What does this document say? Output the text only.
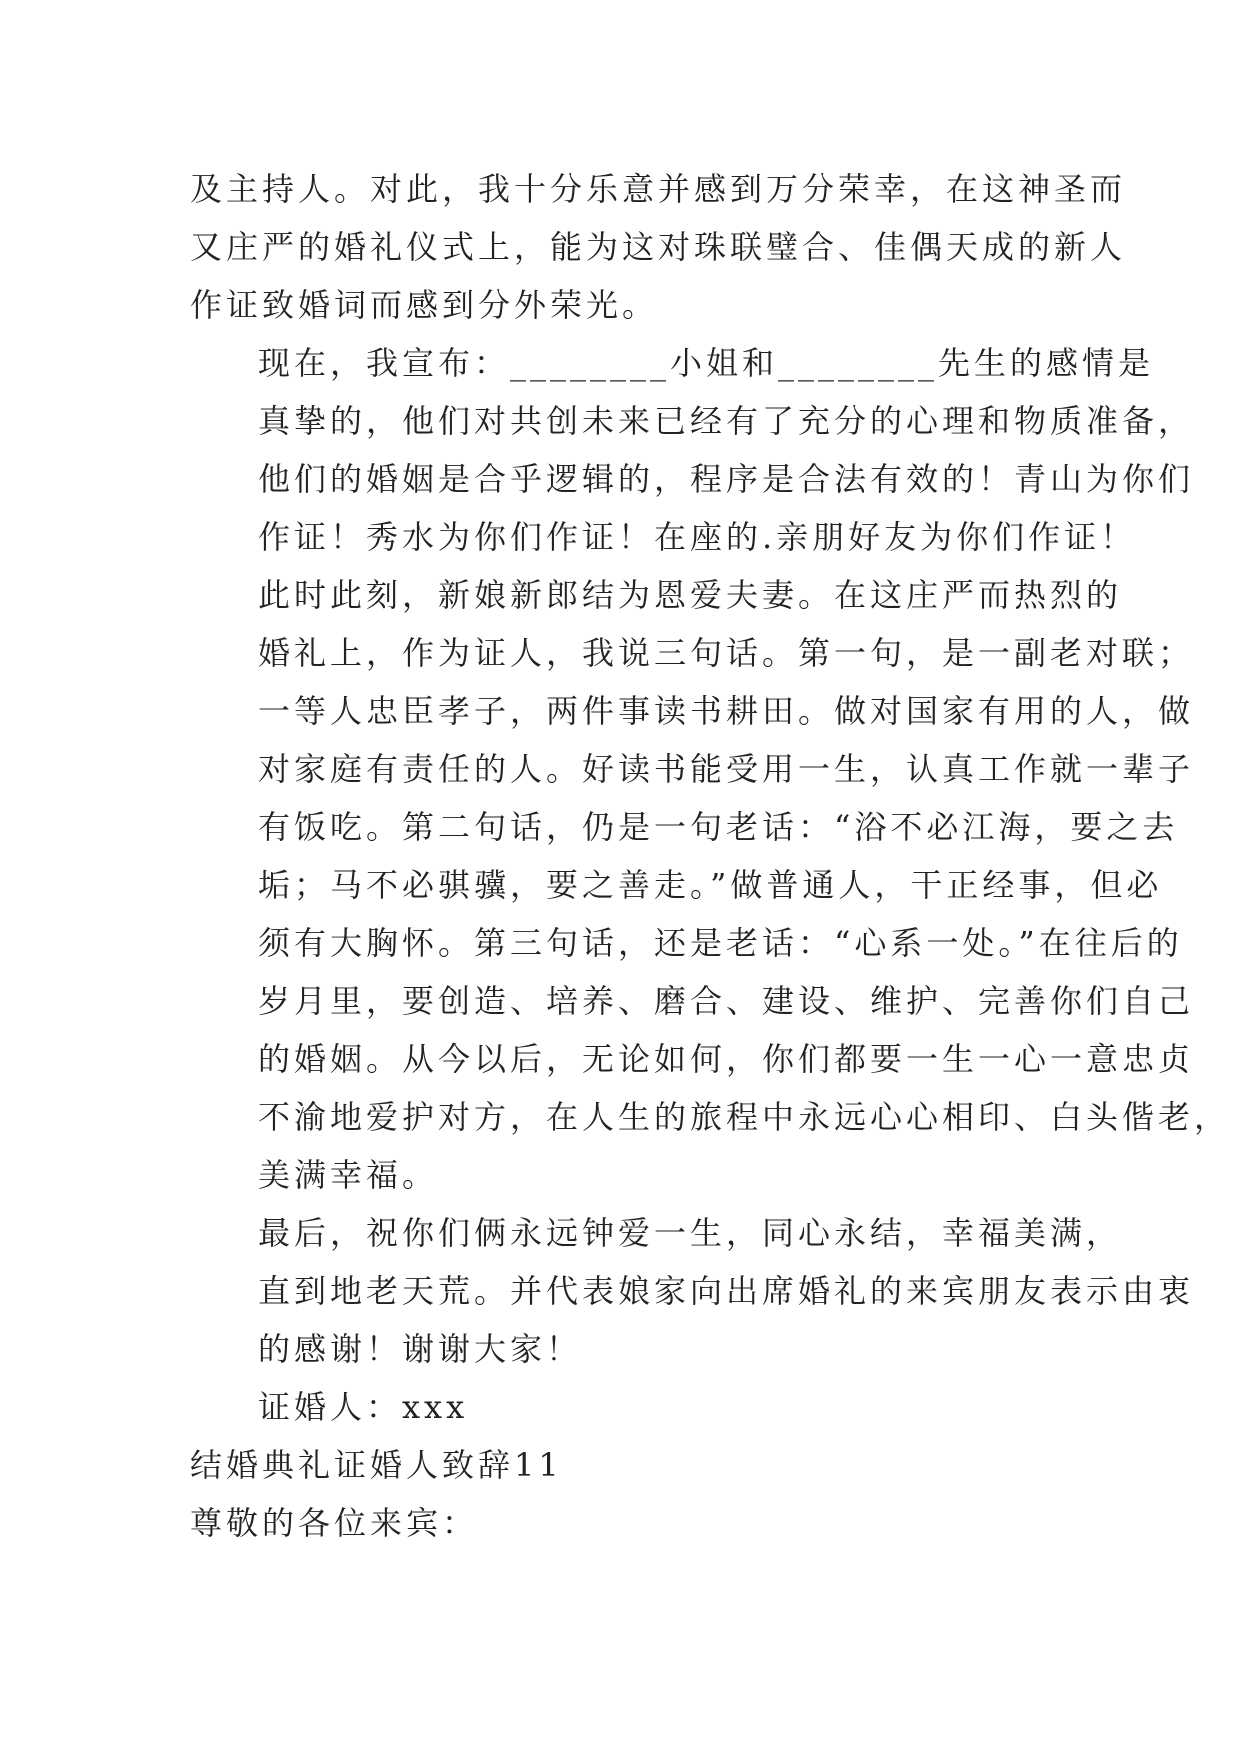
及主持人。对此，我十分乐意并感到万分荣幸，在这神圣而
又庄严的婚礼仪式上，能为这对珠联璧合、佳偶天成的新人
作证致婚词而感到分外荣光。

现在，我宣布：________小姐和________先生的感情是
真挚的，他们对共创未来已经有了充分的心理和物质准备，
他们的婚姻是合乎逻辑的，程序是合法有效的！青山为你们
作证！秀水为你们作证！在座的.亲朋好友为你们作证！

此时此刻，新娘新郎结为恩爱夫妻。在这庄严而热烈的
婚礼上，作为证人，我说三句话。第一句，是一副老对联；
一等人忠臣孝子，两件事读书耕田。做对国家有用的人，做
对家庭有责任的人。好读书能受用一生，认真工作就一辈子
有饭吃。第二句话，仍是一句老话：“浴不必江海，要之去
垢；马不必骐骥，要之善走。”做普通人，干正经事，但必
须有大胸怀。第三句话，还是老话：“心系一处。”在往后的
岁月里，要创造、培养、磨合、建设、维护、完善你们自己
的婚姻。从今以后，无论如何，你们都要一生一心一意忠贞
不渝地爱护对方，在人生的旅程中永远心心相印、白头偕老，
美满幸福。

最后，祝你们俩永远钟爱一生，同心永结，幸福美满，
直到地老天荒。并代表娘家向出席婚礼的来宾朋友表示由衷
的感谢！谢谢大家！

证婚人：xxx

结婚典礼证婚人致辞11

尊敬的各位来宾：
